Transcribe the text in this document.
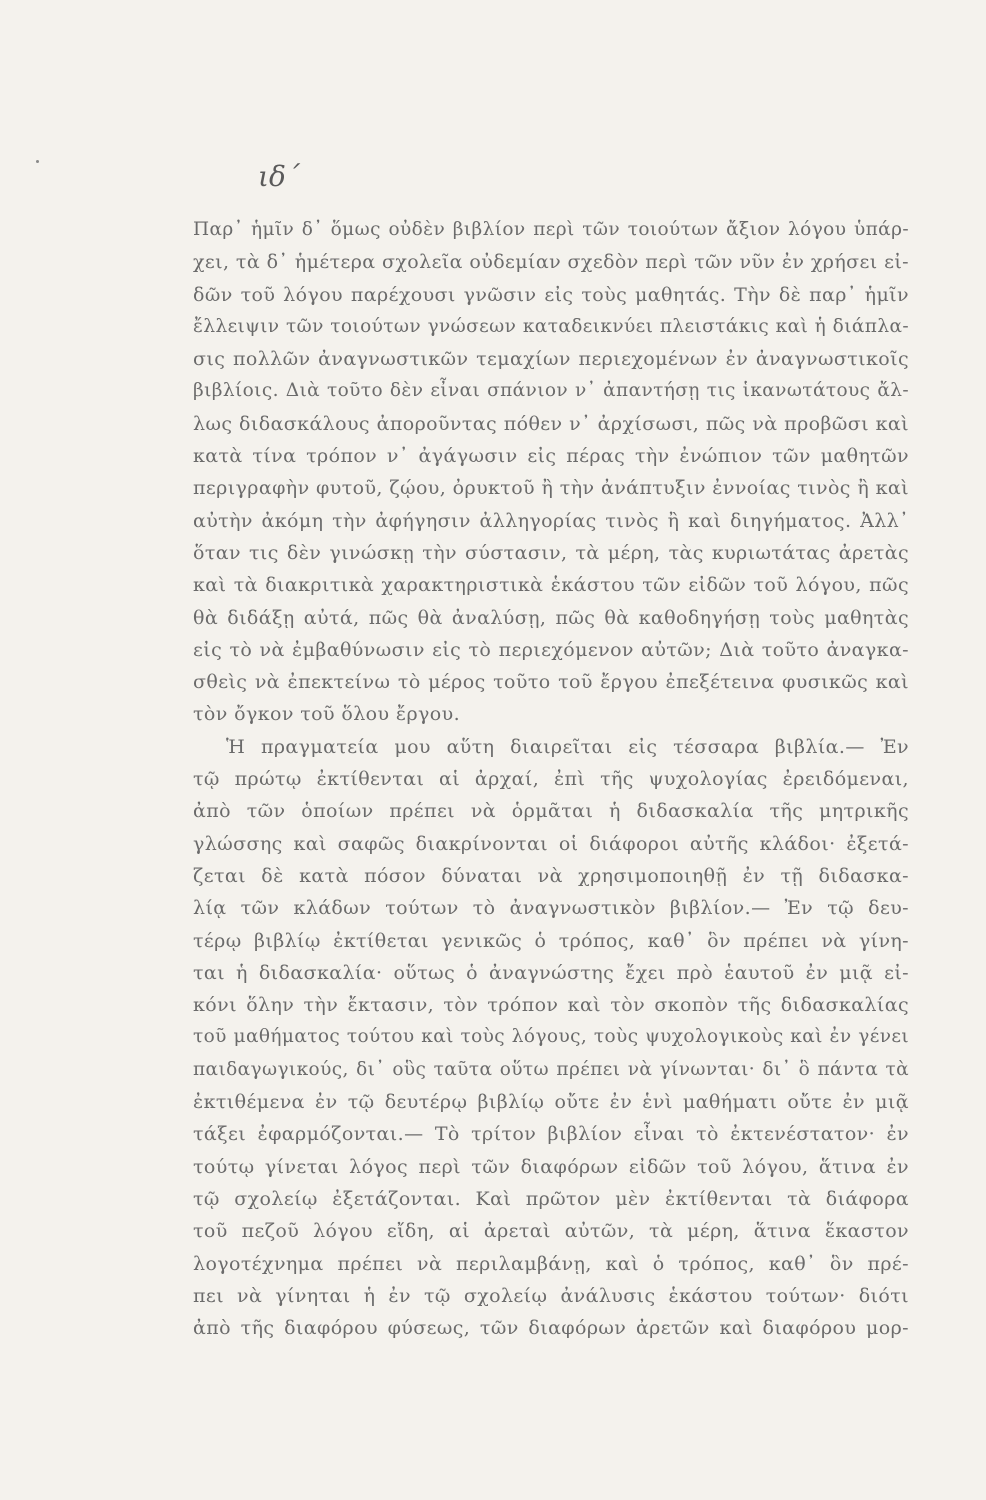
ιδ΄
Παρ᾽ ἡμῖν δ᾽ ὅμως οὐδὲν βιβλίον περὶ τῶν τοιούτων ἄξιον λόγου ὑπάρ-
χει, τὰ δ᾽ ἡμέτερα σχολεῖα οὐδεμίαν σχεδὸν περὶ τῶν νῦν ἐν χρήσει εἰ-
δῶν τοῦ λόγου παρέχουσι γνῶσιν εἰς τοὺς μαθητάς. Τὴν δὲ παρ᾽ ἡμῖν
ἔλλειψιν τῶν τοιούτων γνώσεων καταδεικνύει πλειστάκις καὶ ἡ διάπλα-
σις πολλῶν ἀναγνωστικῶν τεμαχίων περιεχομένων ἐν ἀναγνωστικοῖς
βιβλίοις. Διὰ τοῦτο δὲν εἶναι σπάνιον ν᾽ ἀπαντήσῃ τις ἱκανωτάτους ἄλ-
λως διδασκάλους ἀποροῦντας πόθεν ν᾽ ἀρχίσωσι, πῶς νὰ προβῶσι καὶ
κατὰ τίνα τρόπον ν᾽ ἀγάγωσιν εἰς πέρας τὴν ἐνώπιον τῶν μαθητῶν
περιγραφὴν φυτοῦ, ζῴου, ὀρυκτοῦ ἢ τὴν ἀνάπτυξιν ἐννοίας τινὸς ἢ καὶ
αὐτὴν ἀκόμη τὴν ἀφήγησιν ἀλληγορίας τινὸς ἢ καὶ διηγήματος. Ἀλλ᾽
ὅταν τις δὲν γινώσκῃ τὴν σύστασιν, τὰ μέρη, τὰς κυριωτάτας ἀρετὰς
καὶ τὰ διακριτικὰ χαρακτηριστικὰ ἑκάστου τῶν εἰδῶν τοῦ λόγου, πῶς
θὰ διδάξῃ αὐτά, πῶς θὰ ἀναλύσῃ, πῶς θὰ καθοδηγήσῃ τοὺς μαθητὰς
εἰς τὸ νὰ ἐμβαθύνωσιν εἰς τὸ περιεχόμενον αὐτῶν; Διὰ τοῦτο ἀναγκα-
σθεὶς νὰ ἐπεκτείνω τὸ μέρος τοῦτο τοῦ ἔργου ἐπεξέτεινα φυσικῶς καὶ
τὸν ὄγκον τοῦ ὅλου ἔργου.
Ἡ πραγματεία μου αὕτη διαιρεῖται εἰς τέσσαρα βιβλία.— Ἐν
τῷ πρώτῳ ἐκτίθενται αἱ ἀρχαί, ἐπὶ τῆς ψυχολογίας ἐρειδόμεναι,
ἀπὸ τῶν ὁποίων πρέπει νὰ ὁρμᾶται ἡ διδασκαλία τῆς μητρικῆς
γλώσσης καὶ σαφῶς διακρίνονται οἱ διάφοροι αὐτῆς κλάδοι· ἐξετά-
ζεται δὲ κατὰ πόσον δύναται νὰ χρησιμοποιηθῇ ἐν τῇ διδασκα-
λίᾳ τῶν κλάδων τούτων τὸ ἀναγνωστικὸν βιβλίον.— Ἐν τῷ δευ-
τέρῳ βιβλίῳ ἐκτίθεται γενικῶς ὁ τρόπος, καθ᾽ ὃν πρέπει νὰ γίνη-
ται ἡ διδασκαλία· οὕτως ὁ ἀναγνώστης ἔχει πρὸ ἑαυτοῦ ἐν μιᾷ εἰ-
κόνι ὅλην τὴν ἔκτασιν, τὸν τρόπον καὶ τὸν σκοπὸν τῆς διδασκαλίας
τοῦ μαθήματος τούτου καὶ τοὺς λόγους, τοὺς ψυχολογικοὺς καὶ ἐν γένει
παιδαγωγικούς, δι᾽ οὓς ταῦτα οὕτω πρέπει νὰ γίνωνται· δι᾽ ὃ πάντα τὰ
ἐκτιθέμενα ἐν τῷ δευτέρῳ βιβλίῳ οὔτε ἐν ἑνὶ μαθήματι οὔτε ἐν μιᾷ
τάξει ἐφαρμόζονται.— Τὸ τρίτον βιβλίον εἶναι τὸ ἐκτενέστατον· ἐν
τούτῳ γίνεται λόγος περὶ τῶν διαφόρων εἰδῶν τοῦ λόγου, ἅτινα ἐν
τῷ σχολείῳ ἐξετάζονται. Καὶ πρῶτον μὲν ἐκτίθενται τὰ διάφορα
τοῦ πεζοῦ λόγου εἴδη, αἱ ἀρεταὶ αὐτῶν, τὰ μέρη, ἅτινα ἕκαστον
λογοτέχνημα πρέπει νὰ περιλαμβάνῃ, καὶ ὁ τρόπος, καθ᾽ ὃν πρέ-
πει νὰ γίνηται ἡ ἐν τῷ σχολείῳ ἀνάλυσις ἑκάστου τούτων· διότι
ἀπὸ τῆς διαφόρου φύσεως, τῶν διαφόρων ἀρετῶν καὶ διαφόρου μορ-
